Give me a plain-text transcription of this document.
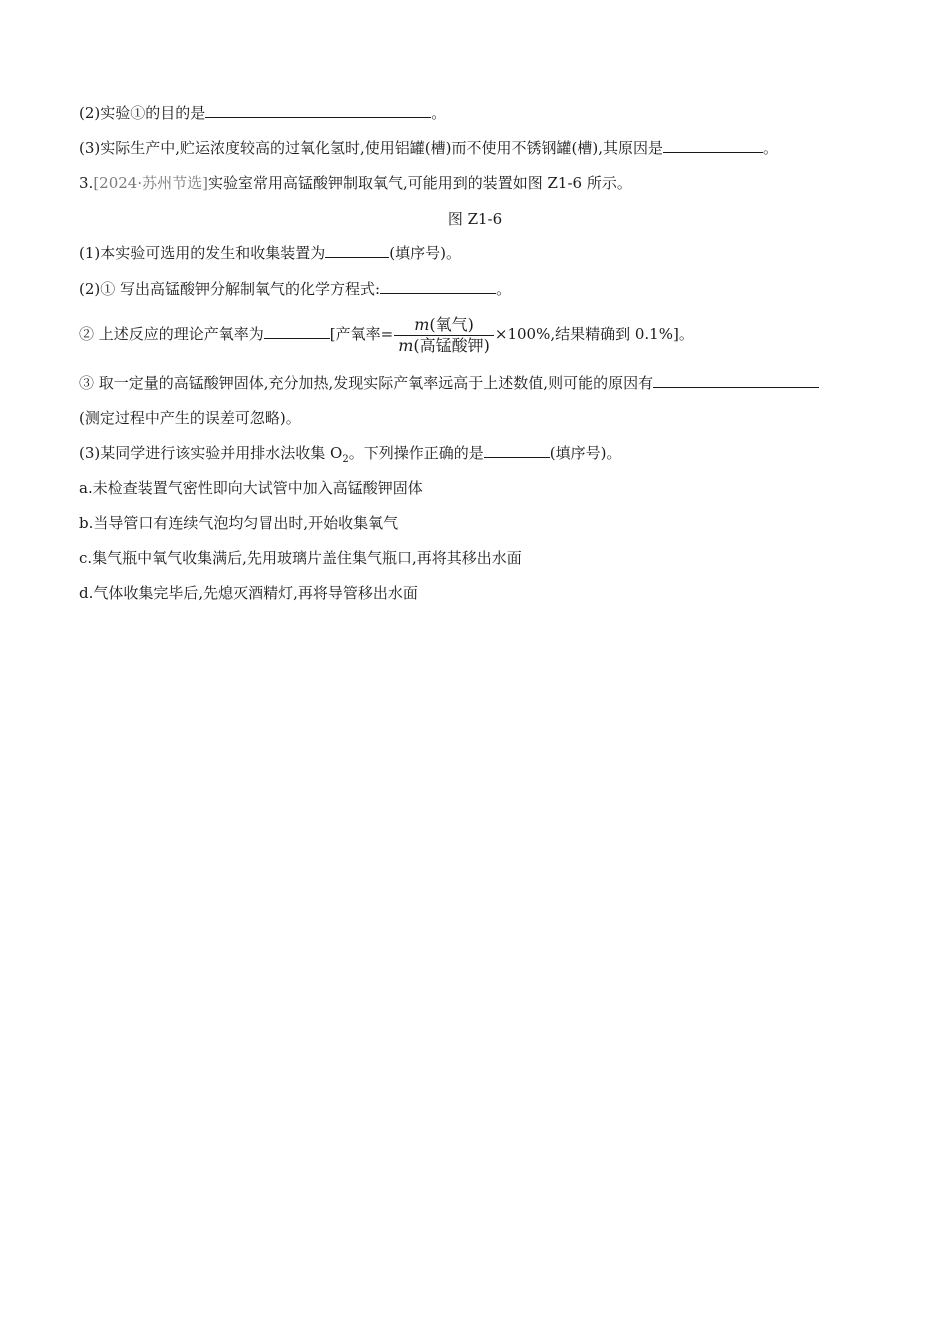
(2)实验①的目的是	。
(3)实际生产中,贮运浓度较高的过氧化氢时,使用铝罐(槽)而不使用不锈钢罐(槽),其原因是	。
3.[2024·苏州节选]实验室常用高锰酸钾制取氧气,可能用到的装置如图 Z1-6 所示。
图 Z1-6
(1)本实验可选用的发生和收集装置为	(填序号)。
(2)① 写出高锰酸钾分解制氧气的化学方程式:	。
② 上述反应的理论产氧率为	[产氧率= $\frac{\text{m(氧气)}}{\text{m(高锰酸钾)}} \times 100\%$,结果精确到 0.1%]。
③ 取一定量的高锰酸钾固体,充分加热,发现实际产氧率远高于上述数值,则可能的原因有
(测定过程中产生的误差可忽略)。
(3)某同学进行该实验并用排水法收集 $O_2$。下列操作正确的是	(填序号)。
a.未检查装置气密性即向大试管中加入高锰酸钾固体
b.当导管口有连续气泡均匀冒出时,开始收集氧气
c.集气瓶中氧气收集满后,先用玻璃片盖住集气瓶口,再将其移出水面
d.气体收集完毕后,先熄灭酒精灯,再将导管移出水面
